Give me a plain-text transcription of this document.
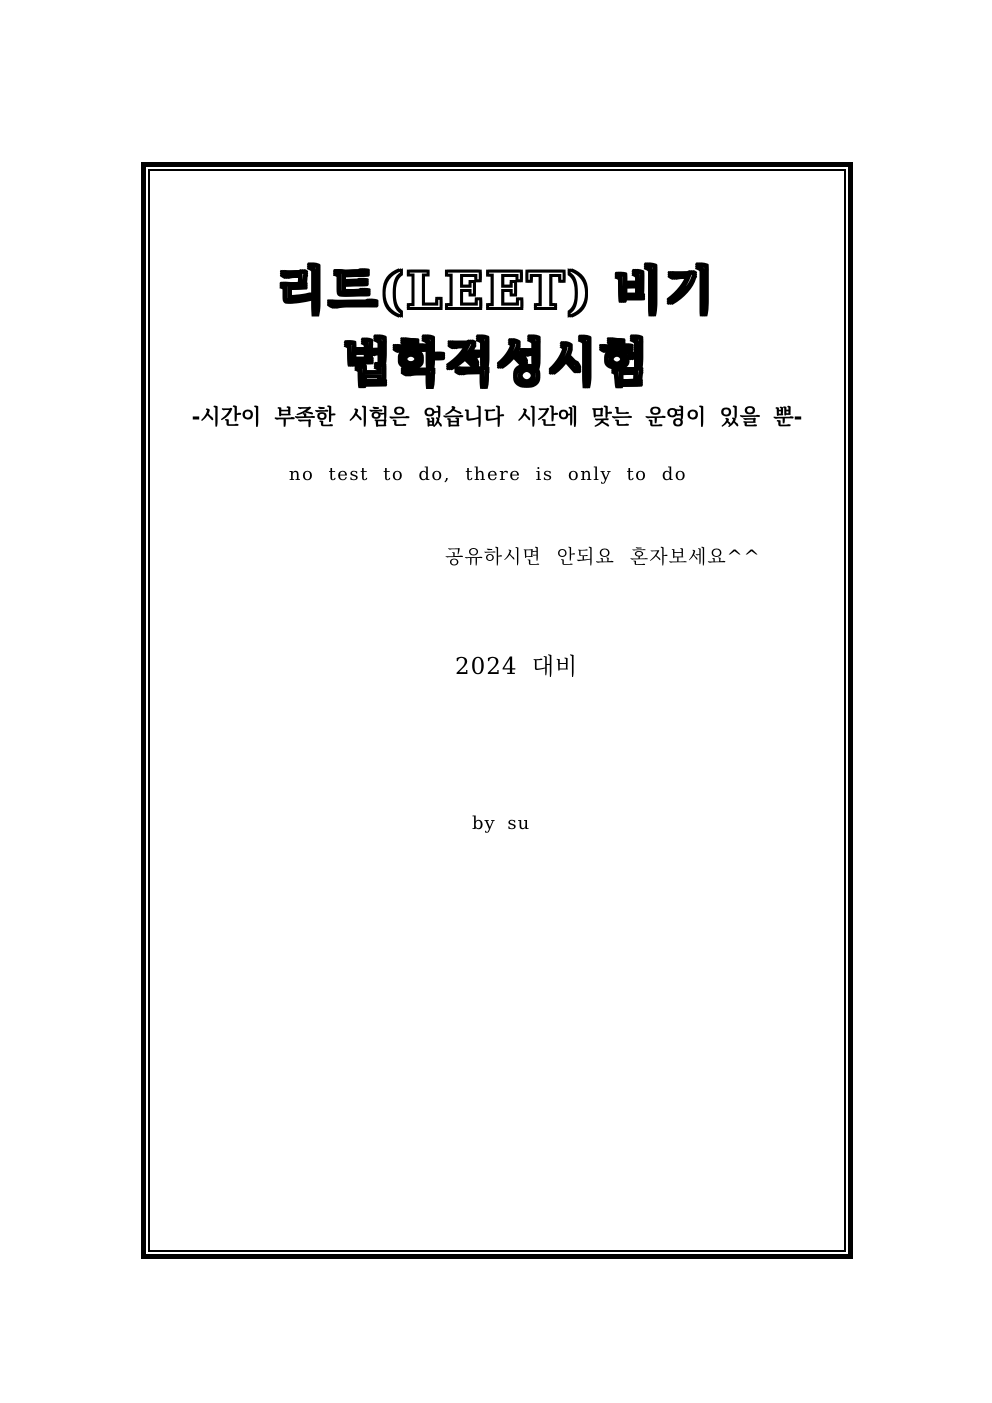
리트(LEET) 비기
법학적성시험
-시간이 부족한 시험은 없습니다 시간에 맞는 운영이 있을 뿐-
no test to do, there is only to do
공유하시면 안되요 혼자보세요^^
2024 대비
by su
